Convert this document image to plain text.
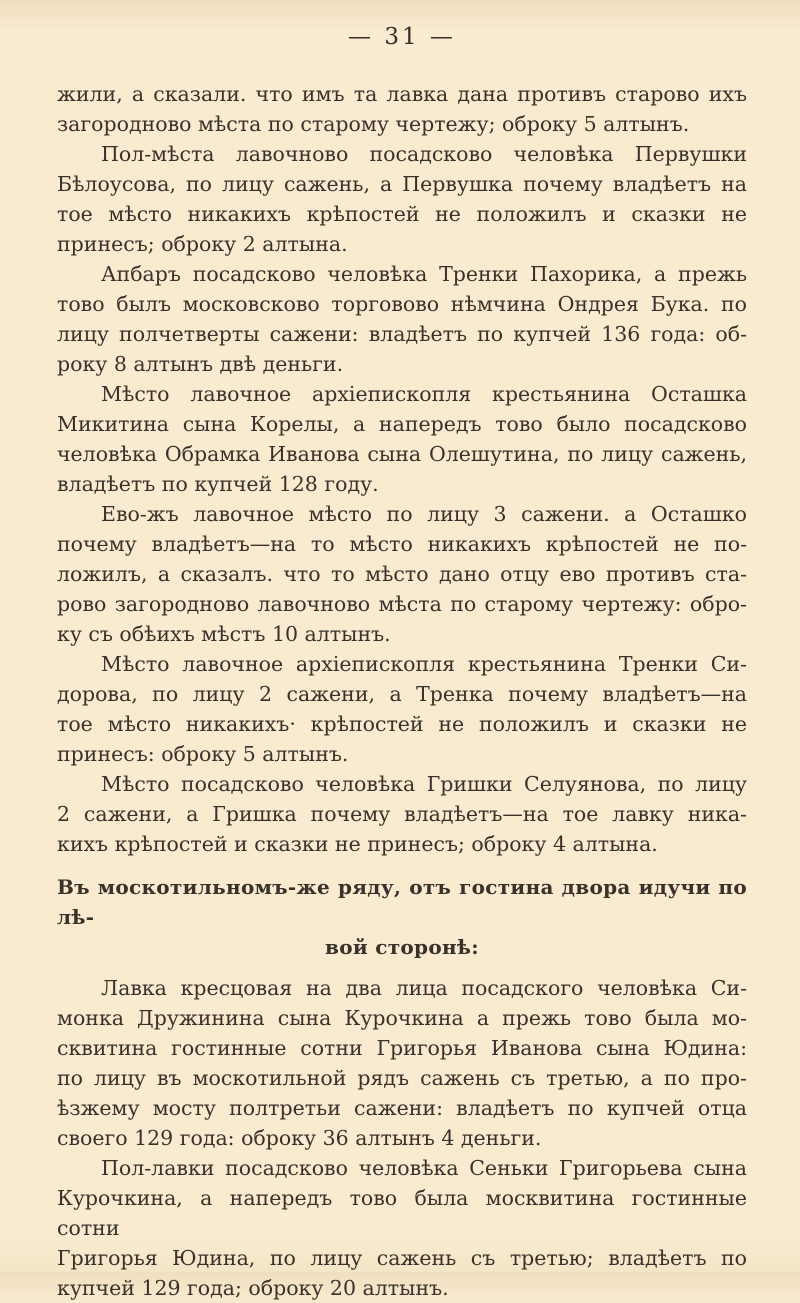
— 31 —
жили, а сказали. что имъ та лавка дана противъ старово ихъ
загородново мѣста по старому чертежу; оброку 5 алтынъ.
Пол-мѣста лавочново посадсково человѣка Первушки
Бѣлоусова, по лицу сажень, а Первушка почему владѣетъ на
тое мѣсто никакихъ крѣпостей не положилъ и сказки не
принесъ; оброку 2 алтына.
Апбаръ посадсково человѣка Тренки Пахорика, а прежь
тово былъ московсково торговово нѣмчина Ондрея Бука. по
лицу полчетверты сажени: владѣетъ по купчей 136 года: об-
року 8 алтынъ двѣ деньги.
Мѣсто лавочное архіепископля крестьянина Осташка
Микитина сына Корелы, а напередъ тово было посадсково
человѣка Обрамка Иванова сына Олешутина, по лицу сажень,
владѣетъ по купчей 128 году.
Ево-жъ лавочное мѣсто по лицу 3 сажени. а Осташко
почему владѣетъ—на то мѣсто никакихъ крѣпостей не по-
ложилъ, а сказалъ. что то мѣсто дано отцу ево противъ ста-
рово загородново лавочново мѣста по старому чертежу: обро-
ку съ обѣихъ мѣстъ 10 алтынъ.
Мѣсто лавочное архіепископля крестьянина Тренки Си-
дорова, по лицу 2 сажени, а Тренка почему владѣетъ—на
тое мѣсто никакихъ· крѣпостей не положилъ и сказки не
принесъ: оброку 5 алтынъ.
Мѣсто посадсково человѣка Гришки Селуянова, по лицу
2 сажени, а Гришка почему владѣетъ—на тое лавку ника-
кихъ крѣпостей и сказки не принесъ; оброку 4 алтына.
Въ москотильномъ-же ряду, отъ гостина двора идучи по лѣ-
вой сторонѣ:
Лавка кресцовая на два лица посадского человѣка Си-
монка Дружинина сына Курочкина а прежь тово была мо-
сквитина гостинные сотни Григорья Иванова сына Юдина:
по лицу въ москотильной рядъ сажень съ третью, а по про-
ѣзжему мосту полтретьи сажени: владѣетъ по купчей отца
своего 129 года: оброку 36 алтынъ 4 деньги.
Пол-лавки посадсково человѣка Сеньки Григорьева сына
Курочкина, а напередъ тово была москвитина гостинные сотни
Григорья Юдина, по лицу сажень съ третью; владѣетъ по
купчей 129 года; оброку 20 алтынъ.
